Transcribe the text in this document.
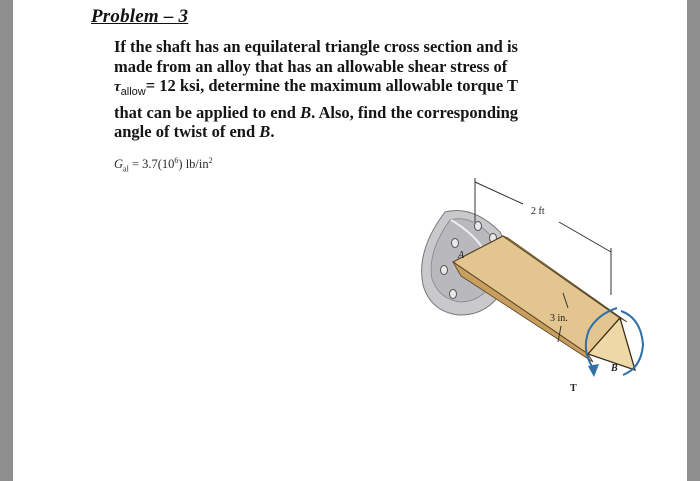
Problem – 3
If the shaft has an equilateral triangle cross section and is
made from an alloy that has an allowable shear stress of
$\tau_{allow}= 12$ ksi, determine the maximum allowable torque T
that can be applied to end B. Also, find the corresponding
angle of twist of end B.
$G_{al} = 3.7(10^6)$ $lb/in^2$
2 ft
3 in.
A
B
T
